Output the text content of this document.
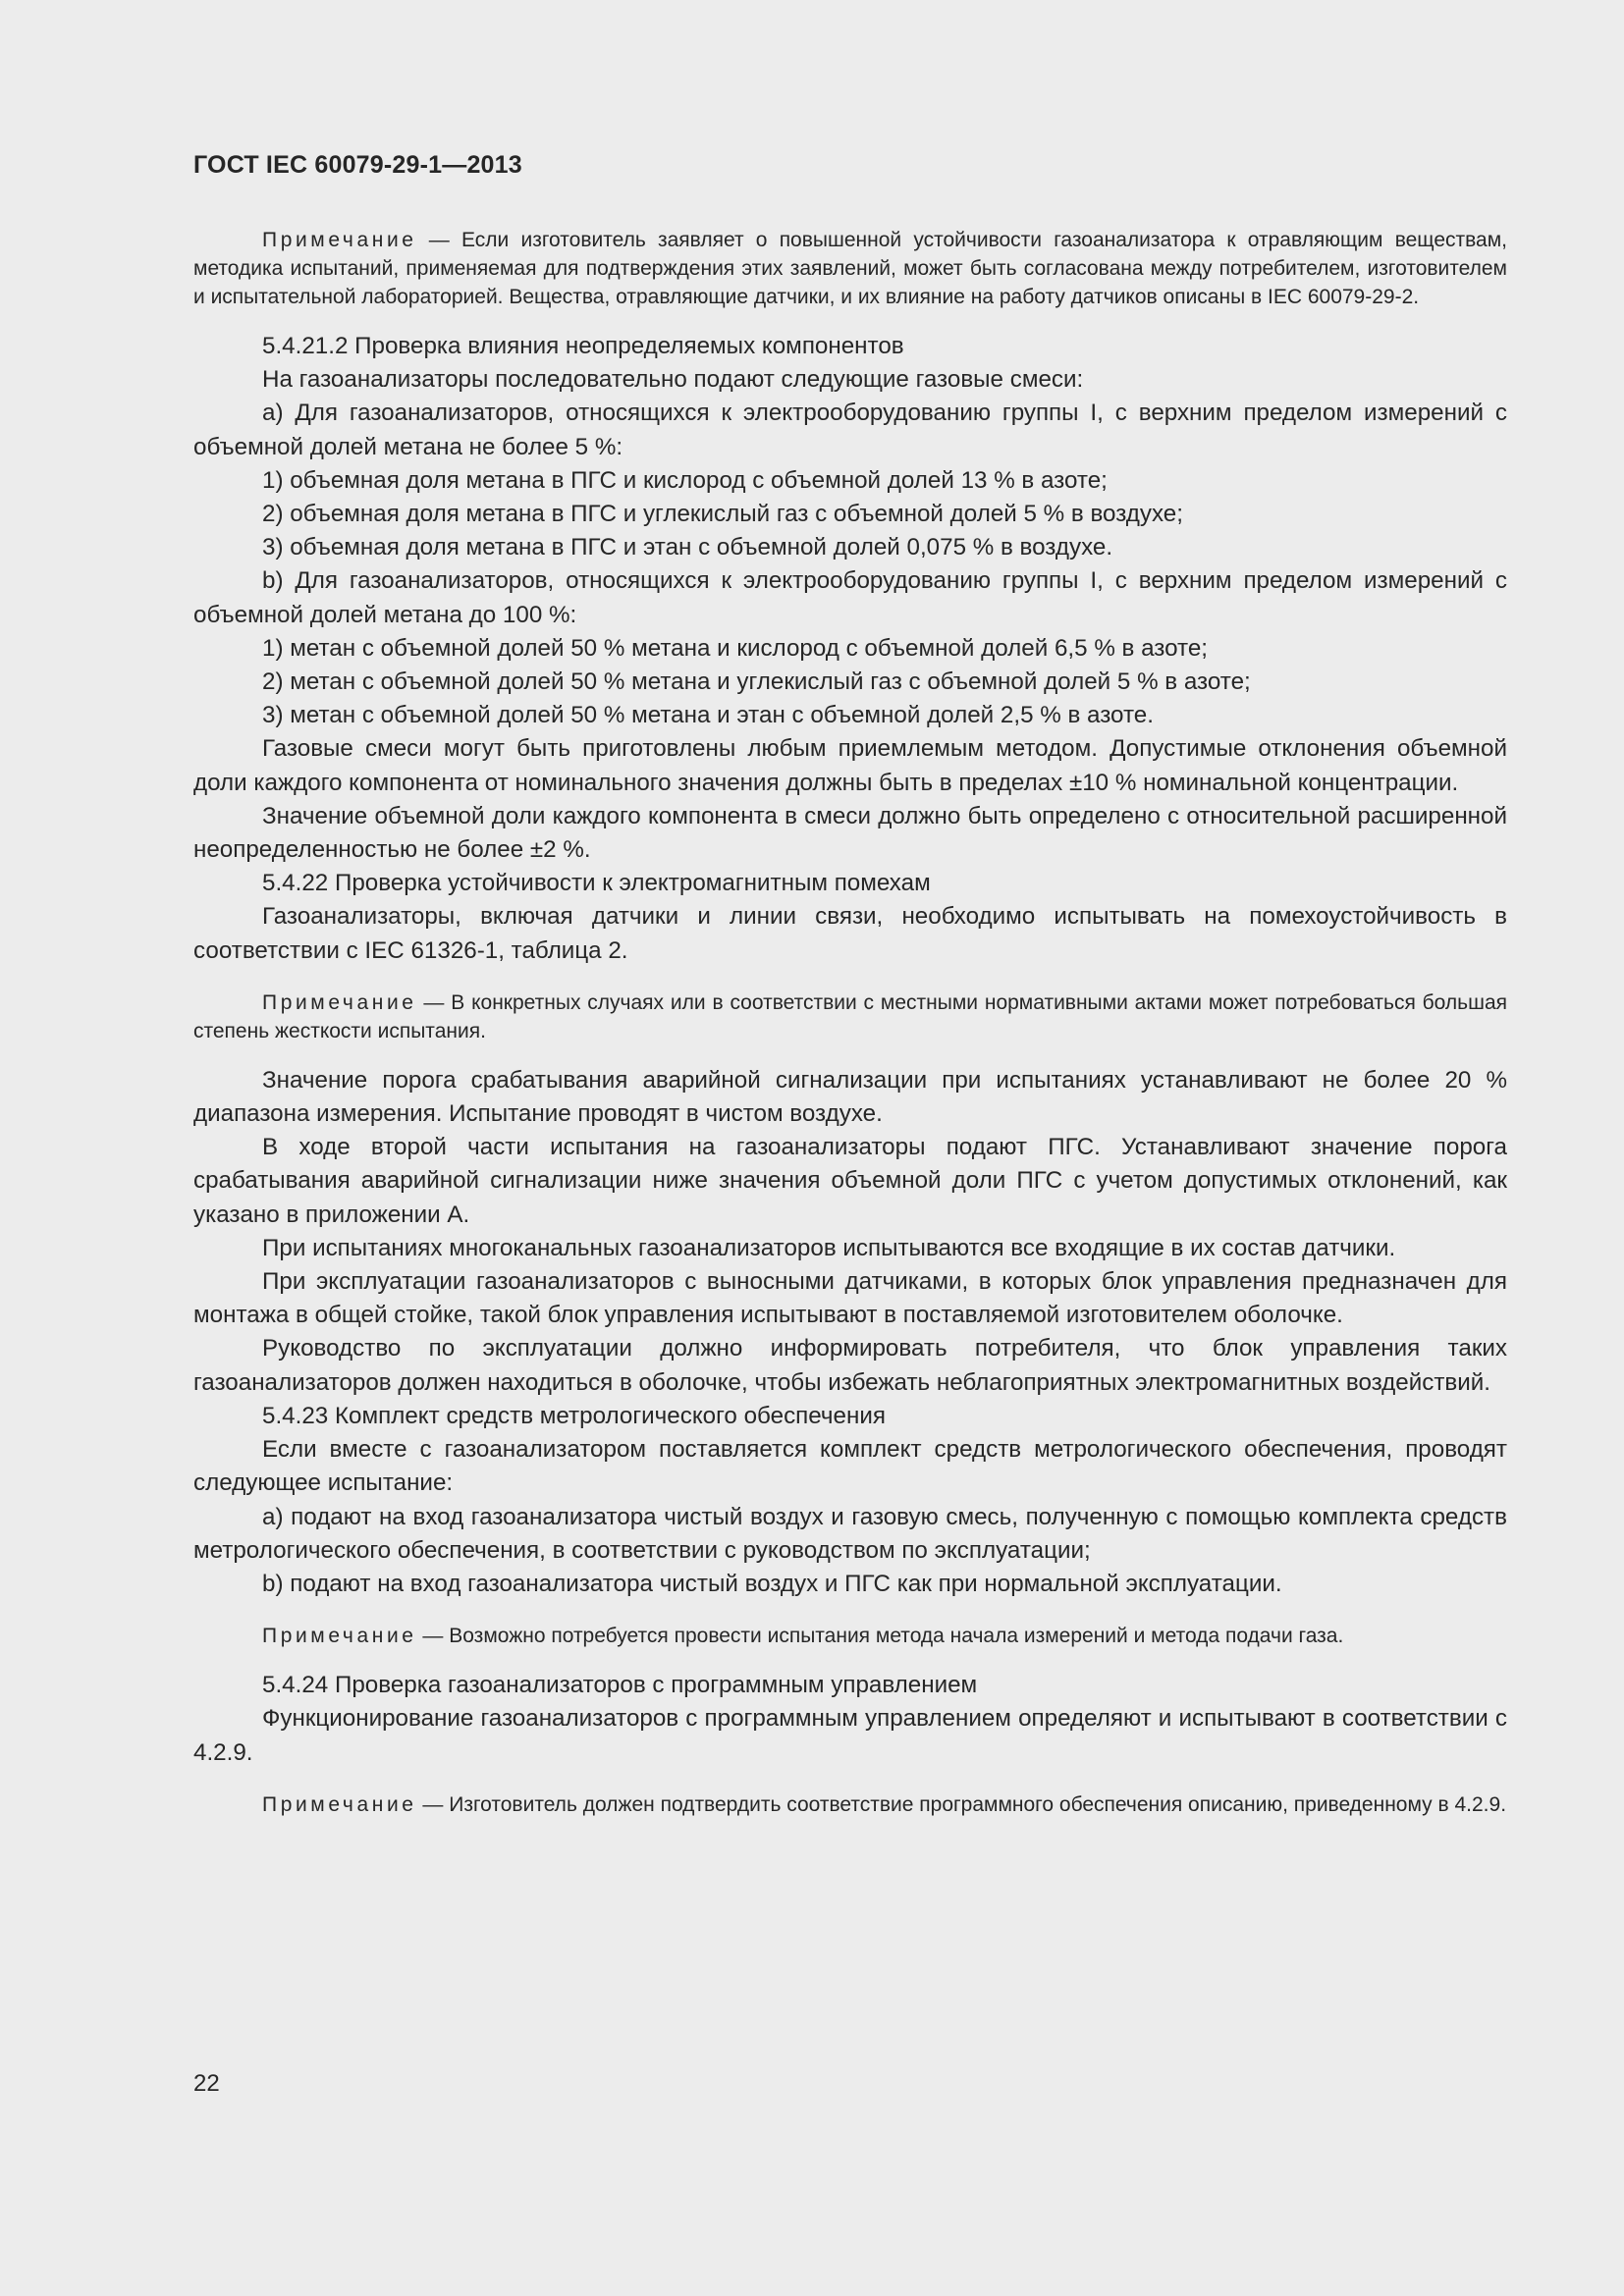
ГОСТ IEC 60079-29-1—2013

Примечание — Если изготовитель заявляет о повышенной устойчивости газоанализатора к отравляющим веществам, методика испытаний, применяемая для подтверждения этих заявлений, может быть согласована между потребителем, изготовителем и испытательной лабораторией. Вещества, отравляющие датчики, и их влияние на работу датчиков описаны в IEC 60079-29-2.

5.4.21.2 Проверка влияния неопределяемых компонентов

На газоанализаторы последовательно подают следующие газовые смеси:

a) Для газоанализаторов, относящихся к электрооборудованию группы I, с верхним пределом измерений с объемной долей метана не более 5 %:

1) объемная доля метана в ПГС и кислород с объемной долей 13 % в азоте;

2) объемная доля метана в ПГС и углекислый газ с объемной долей 5 % в воздухе;

3) объемная доля метана в ПГС и этан с объемной долей 0,075 % в воздухе.

b) Для газоанализаторов, относящихся к электрооборудованию группы I, с верхним пределом измерений с объемной долей метана до 100 %:

1) метан с объемной долей 50 % метана и кислород с объемной долей 6,5 % в азоте;

2) метан с объемной долей 50 % метана и углекислый газ с объемной долей 5 % в азоте;

3) метан с объемной долей 50 % метана и этан с объемной долей 2,5 % в азоте.

Газовые смеси могут быть приготовлены любым приемлемым методом. Допустимые отклонения объемной доли каждого компонента от номинального значения должны быть в пределах ±10 % номинальной концентрации.

Значение объемной доли каждого компонента в смеси должно быть определено с относительной расширенной неопределенностью не более ±2 %.

5.4.22 Проверка устойчивости к электромагнитным помехам

Газоанализаторы, включая датчики и линии связи, необходимо испытывать на помехоустойчивость в соответствии с IEC 61326-1, таблица 2.

Примечание — В конкретных случаях или в соответствии с местными нормативными актами может потребоваться большая степень жесткости испытания.

Значение порога срабатывания аварийной сигнализации при испытаниях устанавливают не более 20 % диапазона измерения. Испытание проводят в чистом воздухе.

В ходе второй части испытания на газоанализаторы подают ПГС. Устанавливают значение порога срабатывания аварийной сигнализации ниже значения объемной доли ПГС с учетом допустимых отклонений, как указано в приложении А.

При испытаниях многоканальных газоанализаторов испытываются все входящие в их состав датчики.

При эксплуатации газоанализаторов с выносными датчиками, в которых блок управления предназначен для монтажа в общей стойке, такой блок управления испытывают в поставляемой изготовителем оболочке.

Руководство по эксплуатации должно информировать потребителя, что блок управления таких газоанализаторов должен находиться в оболочке, чтобы избежать неблагоприятных электромагнитных воздействий.

5.4.23 Комплект средств метрологического обеспечения

Если вместе с газоанализатором поставляется комплект средств метрологического обеспечения, проводят следующее испытание:

a) подают на вход газоанализатора чистый воздух и газовую смесь, полученную с помощью комплекта средств метрологического обеспечения, в соответствии с руководством по эксплуатации;

b) подают на вход газоанализатора чистый воздух и ПГС как при нормальной эксплуатации.

Примечание — Возможно потребуется провести испытания метода начала измерений и метода подачи газа.

5.4.24 Проверка газоанализаторов с программным управлением

Функционирование газоанализаторов с программным управлением определяют и испытывают в соответствии с 4.2.9.

Примечание — Изготовитель должен подтвердить соответствие программного обеспечения описанию, приведенному в 4.2.9.

22
